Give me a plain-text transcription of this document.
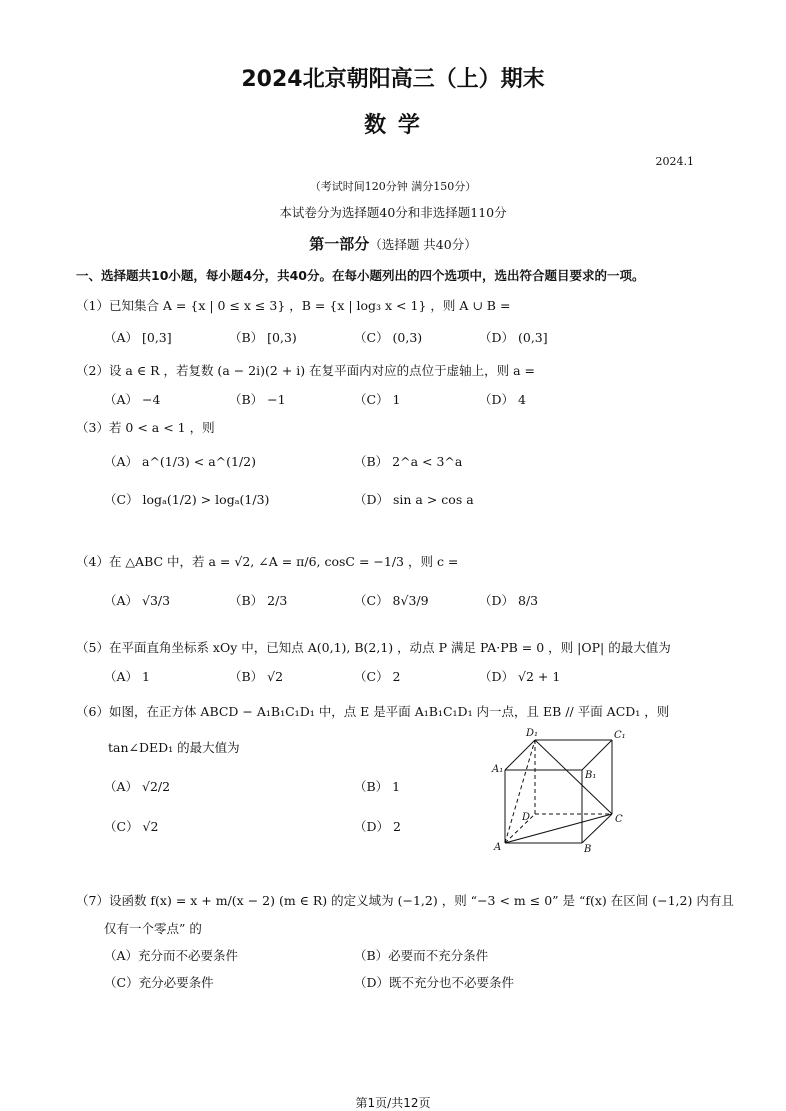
2024北京朝阳高三（上）期末
数 学
2024.1
（考试时间120分钟 满分150分）
本试卷分为选择题40分和非选择题110分
第一部分（选择题 共40分）
一、选择题共10小题，每小题4分，共40分。在每小题列出的四个选项中，选出符合题目要求的一项。
（1）已知集合 A = {x | 0 ≤ x ≤ 3} ，B = {x | log₃ x < 1} ，则 A ∪ B =
（A） [0,3]	（B） [0,3)	（C） (0,3)	（D） (0,3]
（2）设 a ∈ R ，若复数 (a − 2i)(2 + i) 在复平面内对应的点位于虚轴上，则 a =
（A） −4	（B） −1	（C） 1	（D） 4
（3）若 0 < a < 1 ，则
（A） a^(1/3) < a^(1/2)	（B） 2^a < 3^a
（C） logₐ(1/2) > logₐ(1/3)	（D） sin a > cos a
（4）在 △ABC 中，若 a = √2, ∠A = π/6, cosC = −1/3 ，则 c =
（A） √3/3	（B） 2/3	（C） 8√3/9	（D） 8/3
（5）在平面直角坐标系 xOy 中，已知点 A(0,1), B(2,1) ，动点 P 满足 PA·PB = 0 ，则 |OP| 的最大值为
（A） 1	（B） √2	（C） 2	（D） √2 + 1
（6）如图，在正方体 ABCD − A₁B₁C₁D₁ 中，点 E 是平面 A₁B₁C₁D₁ 内一点，且 EB // 平面 ACD₁ ，则
tan∠DED₁ 的最大值为
（A） √2/2	（B） 1
（C） √2	（D） 2
D₁	C₁
A₁
B₁
D	C
A	B
（7）设函数 f(x) = x + m/(x − 2) (m ∈ R) 的定义域为 (−1,2) ，则 “−3 < m ≤ 0” 是 “f(x) 在区间 (−1,2) 内有且
仅有一个零点” 的
（A）充分而不必要条件	（B）必要而不充分条件
（C）充分必要条件	（D）既不充分也不必要条件
第1页/共12页
